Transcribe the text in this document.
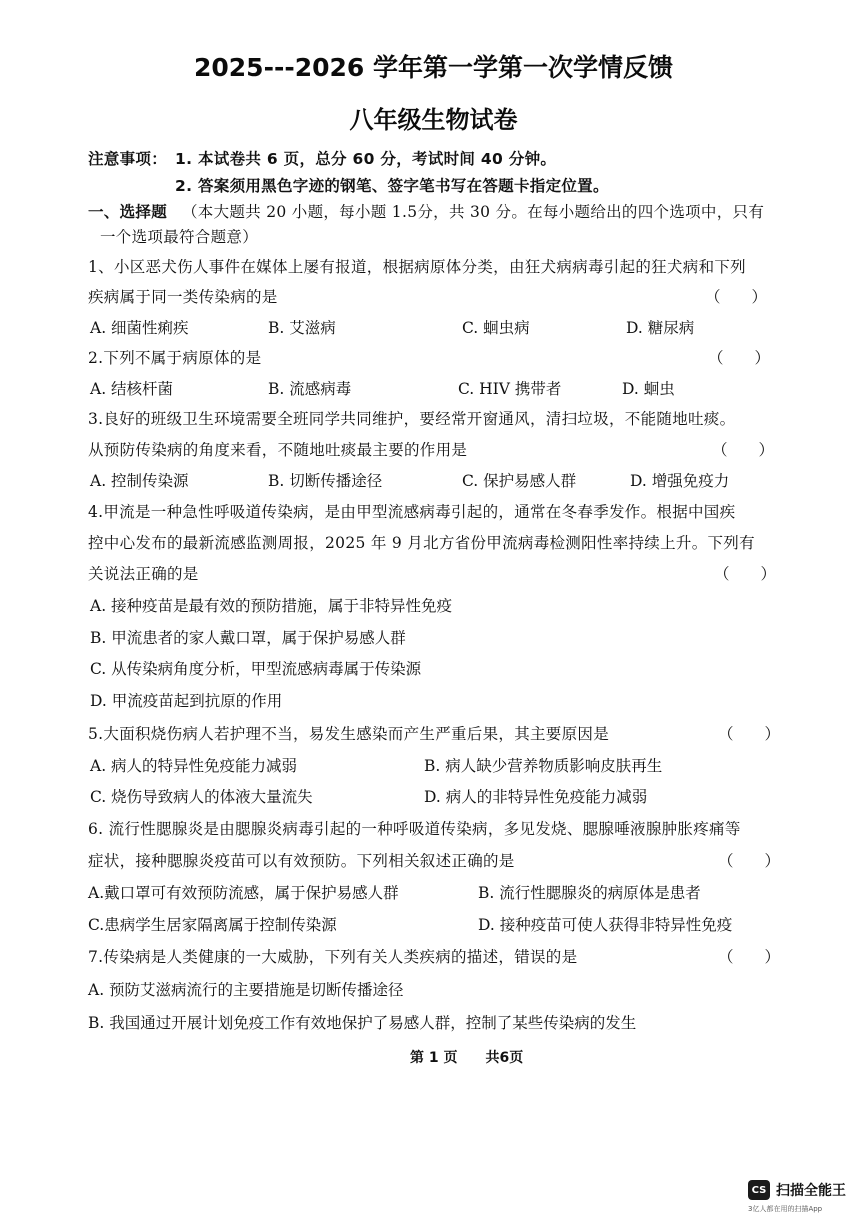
2025---2026 学年第一学第一次学情反馈
八年级生物试卷
注意事项： 1. 本试卷共 6 页，总分 60 分，考试时间 40 分钟。
2. 答案须用黑色字迹的钢笔、签字笔书写在答题卡指定位置。
一、选择题 （本大题共 20 小题，每小题 1.5分，共 30 分。在每小题给出的四个选项中，只有
一个选项最符合题意）
1、小区恶犬伤人事件在媒体上屡有报道，根据病原体分类，由狂犬病病毒引起的狂犬病和下列
疾病属于同一类传染病的是	（　　）
A. 细菌性痢疾	B. 艾滋病	C. 蛔虫病	D. 糖尿病
2.下列不属于病原体的是	（　　）
A. 结核杆菌	B. 流感病毒	C. HIV 携带者	D. 蛔虫
3.良好的班级卫生环境需要全班同学共同维护，要经常开窗通风，清扫垃圾，不能随地吐痰。
从预防传染病的角度来看，不随地吐痰最主要的作用是	（　　）
A. 控制传染源	B. 切断传播途径	C. 保护易感人群	D. 增强免疫力
4.甲流是一种急性呼吸道传染病，是由甲型流感病毒引起的，通常在冬春季发作。根据中国疾
控中心发布的最新流感监测周报，2025 年 9 月北方省份甲流病毒检测阳性率持续上升。下列有
关说法正确的是	（　　）
A. 接种疫苗是最有效的预防措施，属于非特异性免疫
B. 甲流患者的家人戴口罩，属于保护易感人群
C. 从传染病角度分析，甲型流感病毒属于传染源
D. 甲流疫苗起到抗原的作用
5.大面积烧伤病人若护理不当，易发生感染而产生严重后果，其主要原因是	（　　）
A. 病人的特异性免疫能力减弱	B. 病人缺少营养物质影响皮肤再生
C. 烧伤导致病人的体液大量流失	D. 病人的非特异性免疫能力减弱
6. 流行性腮腺炎是由腮腺炎病毒引起的一种呼吸道传染病，多见发烧、腮腺唾液腺肿胀疼痛等
症状，接种腮腺炎疫苗可以有效预防。下列相关叙述正确的是	（　　）
A.戴口罩可有效预防流感，属于保护易感人群	B. 流行性腮腺炎的病原体是患者
C.患病学生居家隔离属于控制传染源	D. 接种疫苗可使人获得非特异性免疫
7.传染病是人类健康的一大威胁，下列有关人类疾病的描述，错误的是	（　　）
A. 预防艾滋病流行的主要措施是切断传播途径
B. 我国通过开展计划免疫工作有效地保护了易感人群，控制了某些传染病的发生
第 1 页　　共6页
CS 扫描全能王
3亿人都在用的扫描App
